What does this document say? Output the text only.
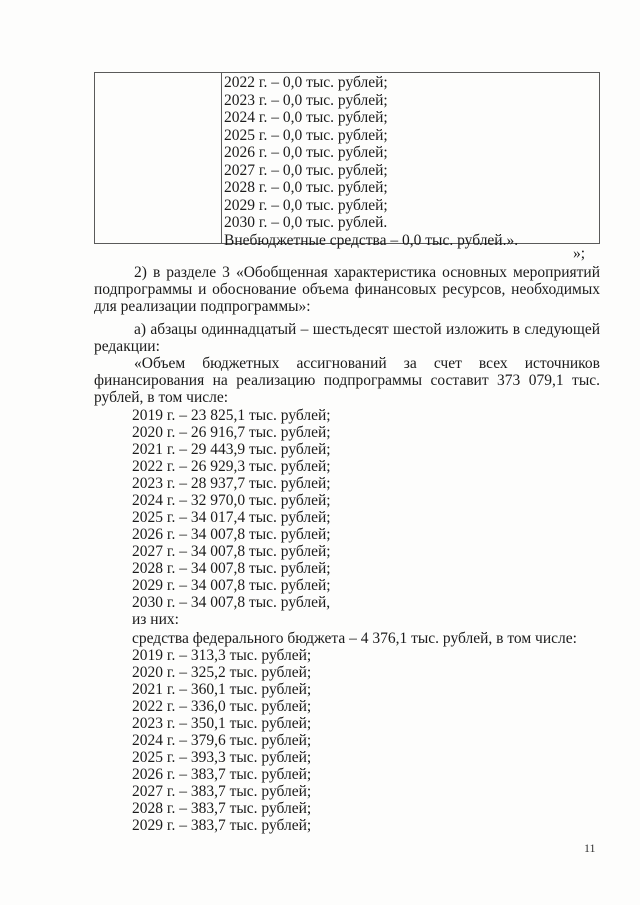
2022 г. – 0,0 тыс. рублей;
2023 г. – 0,0 тыс. рублей;
2024 г. – 0,0 тыс. рублей;
2025 г. – 0,0 тыс. рублей;
2026 г. – 0,0 тыс. рублей;
2027 г. – 0,0 тыс. рублей;
2028 г. – 0,0 тыс. рублей;
2029 г. – 0,0 тыс. рублей;
2030 г. – 0,0 тыс. рублей.
Внебюджетные средства – 0,0 тыс. рублей.».
»;
2) в разделе 3 «Обобщенная характеристика основных мероприятий подпрограммы и обоснование объема финансовых ресурсов, необходимых для реализации подпрограммы»:
а) абзацы одиннадцатый – шестьдесят шестой изложить в следующей редакции:
«Объем бюджетных ассигнований за счет всех источников финансирования на реализацию подпрограммы составит 373 079,1 тыс. рублей, в том числе:
2019 г. – 23 825,1 тыс. рублей;
2020 г. – 26 916,7 тыс. рублей;
2021 г. – 29 443,9 тыс. рублей;
2022 г. – 26 929,3 тыс. рублей;
2023 г. – 28 937,7 тыс. рублей;
2024 г. – 32 970,0 тыс. рублей;
2025 г. – 34 017,4 тыс. рублей;
2026 г. – 34 007,8 тыс. рублей;
2027 г. – 34 007,8 тыс. рублей;
2028 г. – 34 007,8 тыс. рублей;
2029 г. – 34 007,8 тыс. рублей;
2030 г. – 34 007,8 тыс. рублей,
из них:
средства федерального бюджета – 4 376,1 тыс. рублей, в том числе:
2019 г. – 313,3 тыс. рублей;
2020 г. – 325,2 тыс. рублей;
2021 г. – 360,1 тыс. рублей;
2022 г. – 336,0 тыс. рублей;
2023 г. – 350,1 тыс. рублей;
2024 г. – 379,6 тыс. рублей;
2025 г. – 393,3 тыс. рублей;
2026 г. – 383,7 тыс. рублей;
2027 г. – 383,7 тыс. рублей;
2028 г. – 383,7 тыс. рублей;
2029 г. – 383,7 тыс. рублей;
11
